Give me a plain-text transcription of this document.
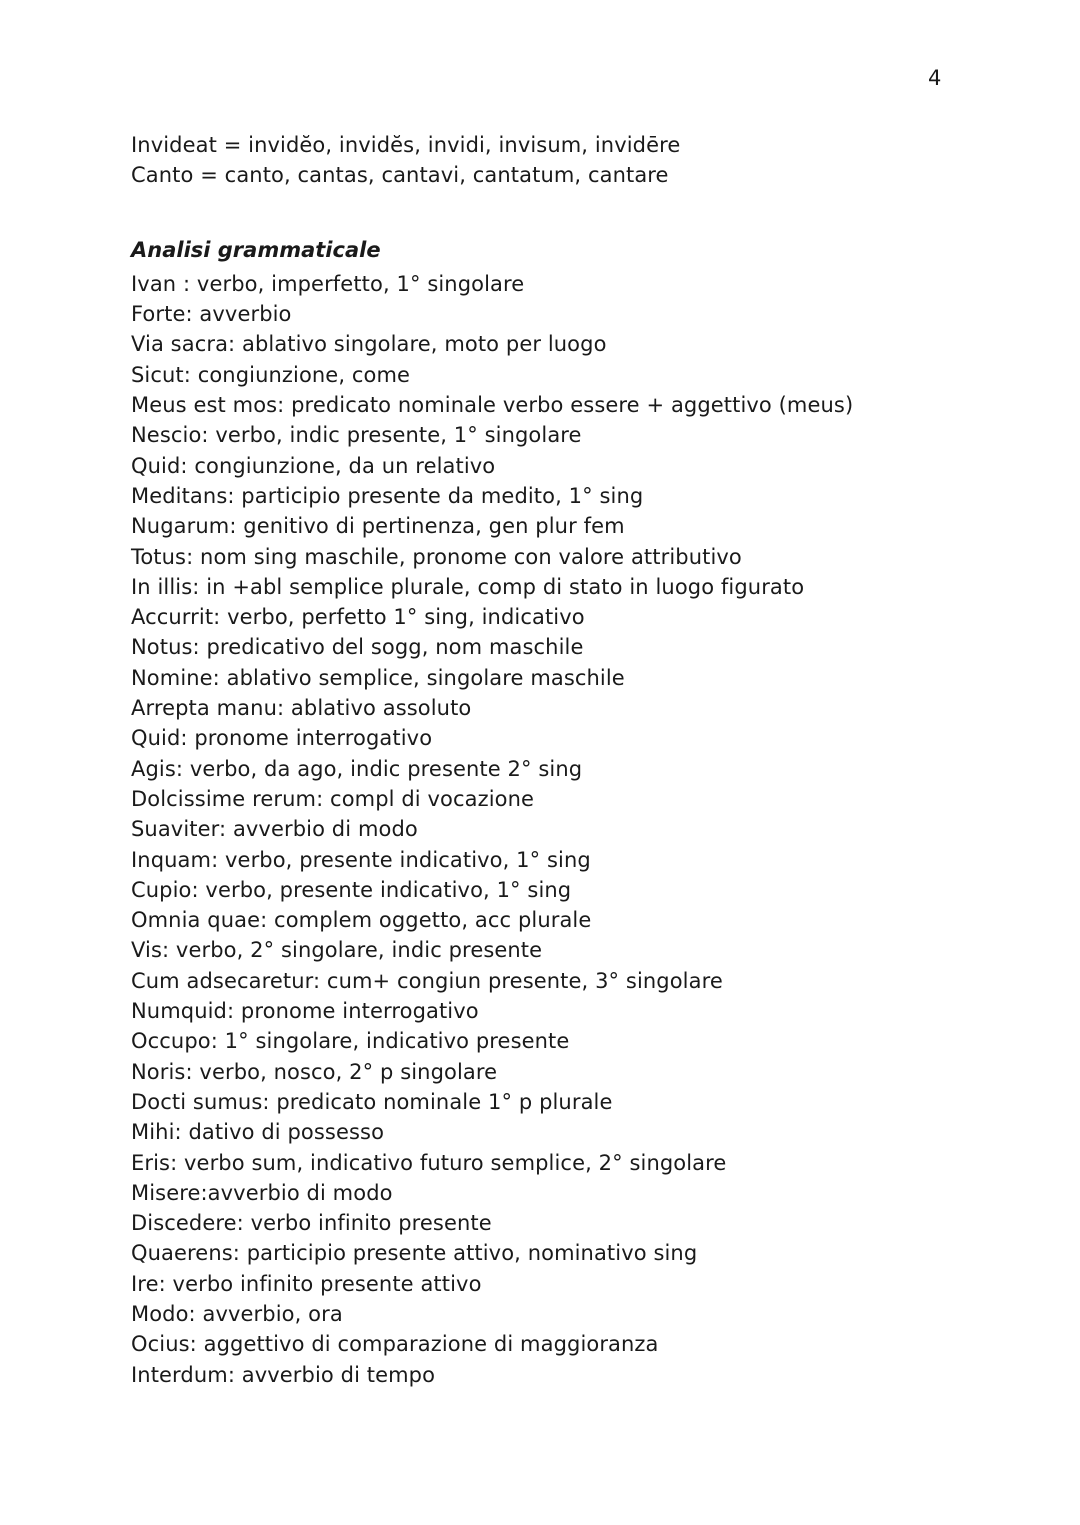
4
Invideat = invidĕo, invidĕs, invidi, invisum, invidēre
Canto = canto, cantas, cantavi, cantatum, cantare
Analisi grammaticale
Ivan : verbo, imperfetto, 1° singolare
Forte: avverbio
Via sacra: ablativo singolare, moto per luogo
Sicut: congiunzione, come
Meus est mos: predicato nominale verbo essere + aggettivo (meus)
Nescio: verbo, indic presente, 1° singolare
Quid: congiunzione, da un relativo
Meditans: participio presente da medito, 1° sing
Nugarum: genitivo di pertinenza, gen plur fem
Totus: nom sing maschile, pronome con valore attributivo
In illis: in +abl semplice plurale, comp di stato in luogo figurato
Accurrit: verbo, perfetto 1° sing, indicativo
Notus: predicativo del sogg, nom maschile
Nomine: ablativo semplice, singolare maschile
Arrepta manu: ablativo assoluto
Quid: pronome interrogativo
Agis: verbo, da ago, indic presente 2° sing
Dolcissime rerum: compl di vocazione
Suaviter: avverbio di modo
Inquam: verbo, presente indicativo, 1° sing
Cupio: verbo, presente indicativo, 1° sing
Omnia quae: complem oggetto, acc plurale
Vis: verbo, 2° singolare, indic presente
Cum adsecaretur: cum+ congiun presente, 3° singolare
Numquid: pronome interrogativo
Occupo: 1° singolare, indicativo presente
Noris: verbo, nosco, 2° p singolare
Docti sumus: predicato nominale 1° p plurale
Mihi: dativo di possesso
Eris: verbo sum, indicativo futuro semplice, 2° singolare
Misere:avverbio di modo
Discedere: verbo infinito presente
Quaerens: participio presente attivo, nominativo sing
Ire: verbo infinito presente attivo
Modo: avverbio, ora
Ocius: aggettivo di comparazione di maggioranza
Interdum: avverbio di tempo
